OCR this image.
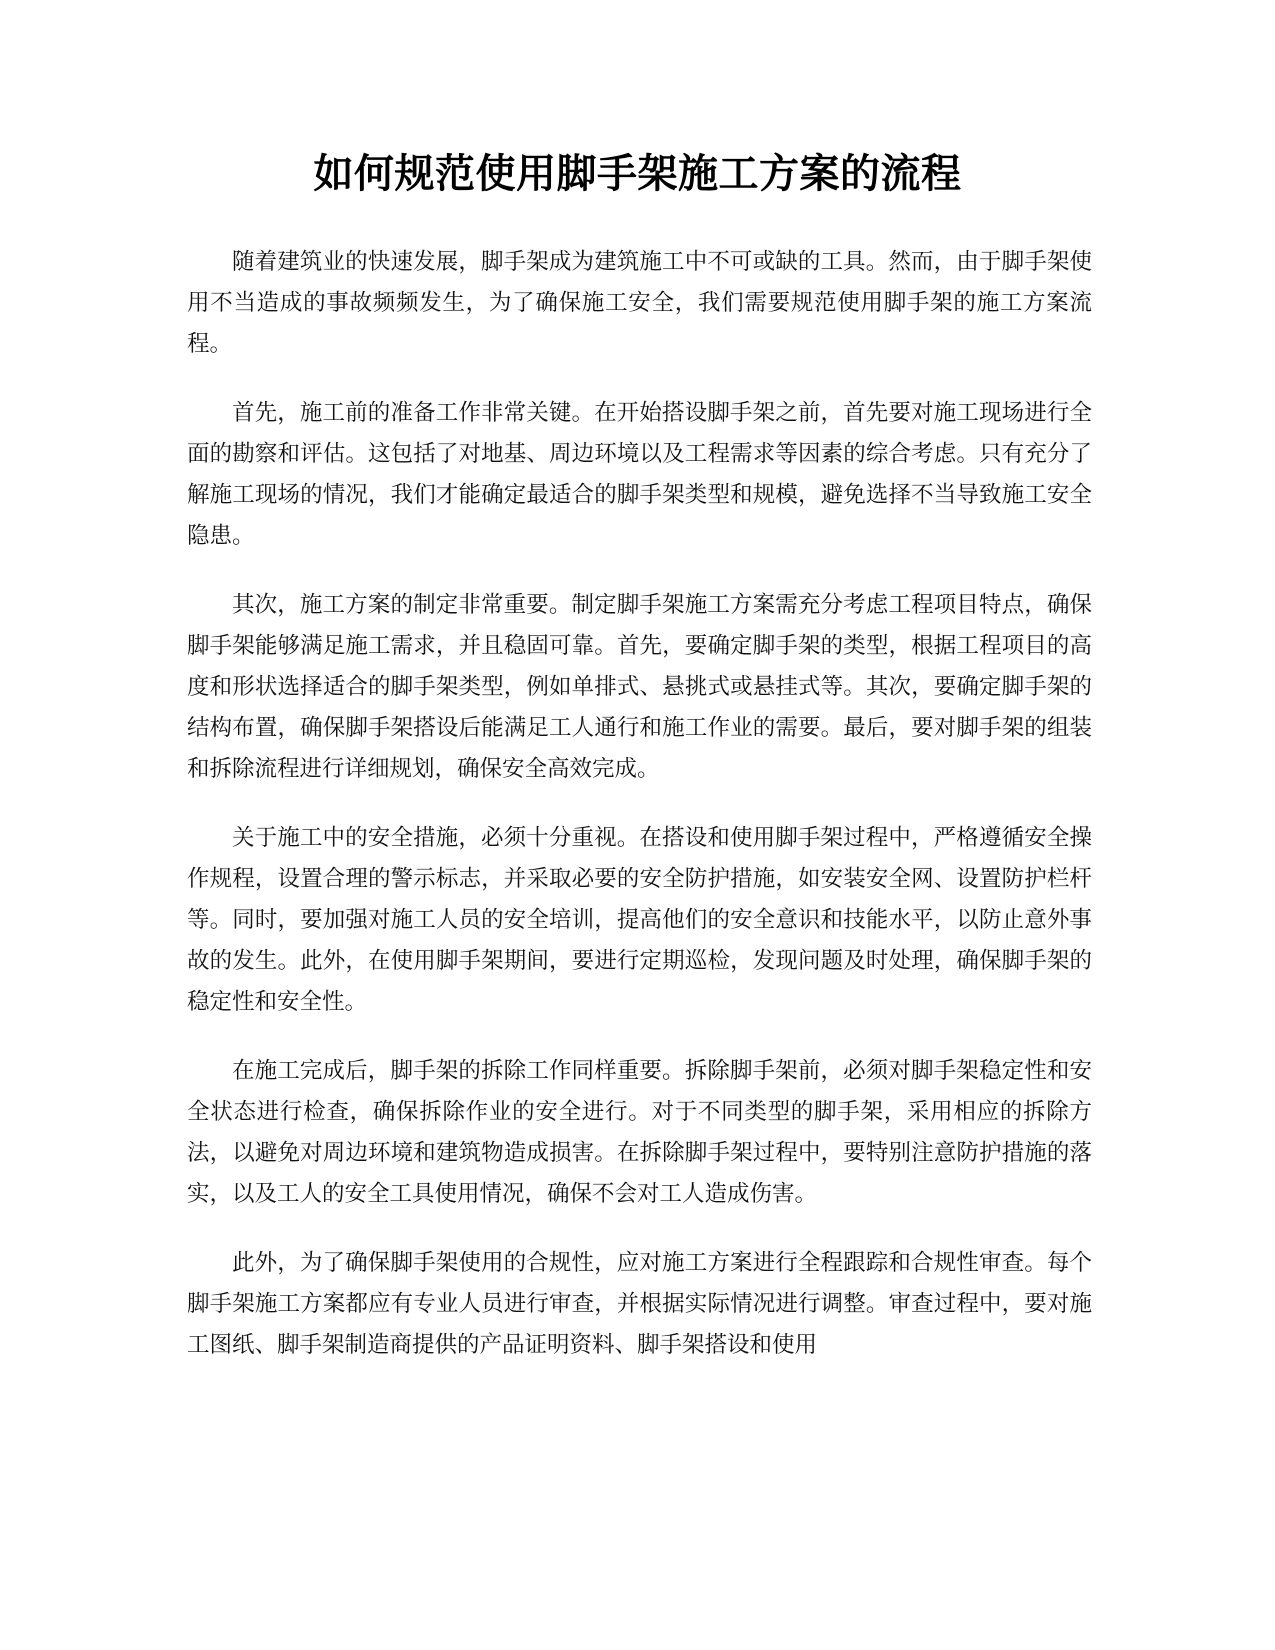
如何规范使用脚手架施工方案的流程

随着建筑业的快速发展，脚手架成为建筑施工中不可或缺的工具。然而，由于脚手架使用不当造成的事故频频发生，为了确保施工安全，我们需要规范使用脚手架的施工方案流程。

首先，施工前的准备工作非常关键。在开始搭设脚手架之前，首先要对施工现场进行全面的勘察和评估。这包括了对地基、周边环境以及工程需求等因素的综合考虑。只有充分了解施工现场的情况，我们才能确定最适合的脚手架类型和规模，避免选择不当导致施工安全隐患。

其次，施工方案的制定非常重要。制定脚手架施工方案需充分考虑工程项目特点，确保脚手架能够满足施工需求，并且稳固可靠。首先，要确定脚手架的类型，根据工程项目的高度和形状选择适合的脚手架类型，例如单排式、悬挑式或悬挂式等。其次，要确定脚手架的结构布置，确保脚手架搭设后能满足工人通行和施工作业的需要。最后，要对脚手架的组装和拆除流程进行详细规划，确保安全高效完成。

关于施工中的安全措施，必须十分重视。在搭设和使用脚手架过程中，严格遵循安全操作规程，设置合理的警示标志，并采取必要的安全防护措施，如安装安全网、设置防护栏杆等。同时，要加强对施工人员的安全培训，提高他们的安全意识和技能水平，以防止意外事故的发生。此外，在使用脚手架期间，要进行定期巡检，发现问题及时处理，确保脚手架的稳定性和安全性。

在施工完成后，脚手架的拆除工作同样重要。拆除脚手架前，必须对脚手架稳定性和安全状态进行检查，确保拆除作业的安全进行。对于不同类型的脚手架，采用相应的拆除方法，以避免对周边环境和建筑物造成损害。在拆除脚手架过程中，要特别注意防护措施的落实，以及工人的安全工具使用情况，确保不会对工人造成伤害。

此外，为了确保脚手架使用的合规性，应对施工方案进行全程跟踪和合规性审查。每个脚手架施工方案都应有专业人员进行审查，并根据实际情况进行调整。审查过程中，要对施工图纸、脚手架制造商提供的产品证明资料、脚手架搭设和使用
